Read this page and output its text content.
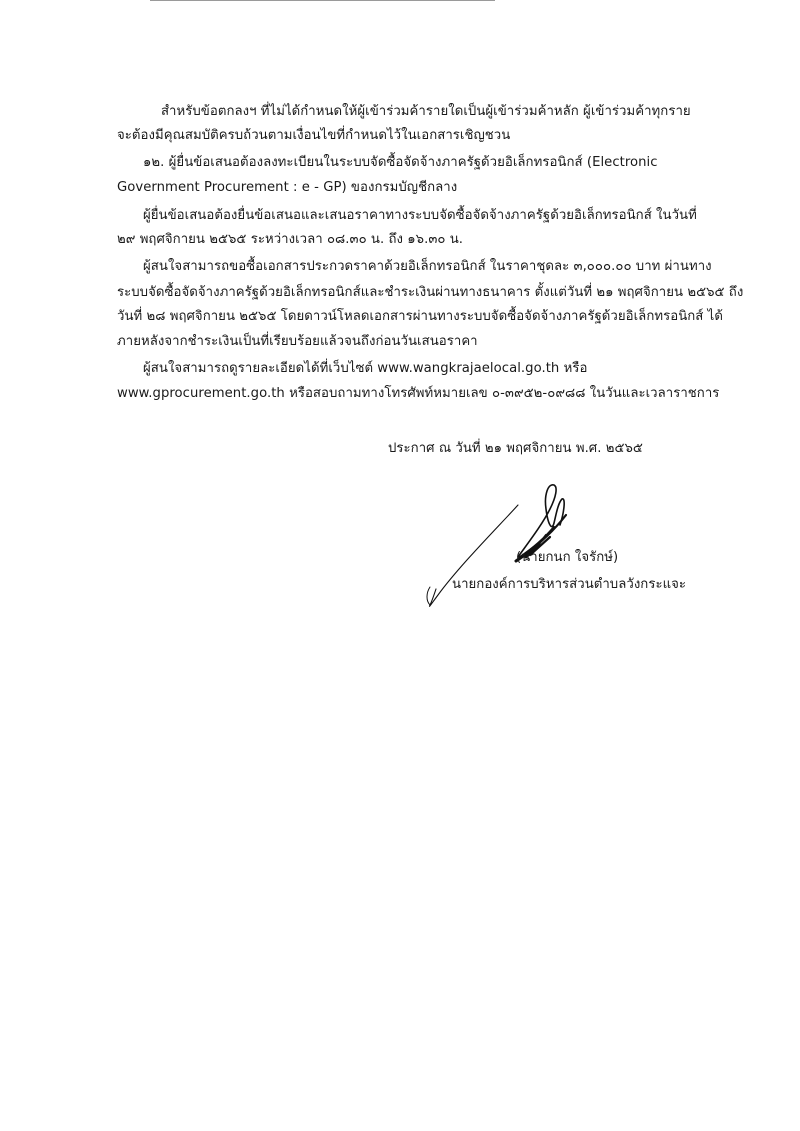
สำหรับข้อตกลงฯ ที่ไม่ได้กำหนดให้ผู้เข้าร่วมค้ารายใดเป็นผู้เข้าร่วมค้าหลัก ผู้เข้าร่วมค้าทุกราย
จะต้องมีคุณสมบัติครบถ้วนตามเงื่อนไขที่กำหนดไว้ในเอกสารเชิญชวน
๑๒. ผู้ยื่นข้อเสนอต้องลงทะเบียนในระบบจัดซื้อจัดจ้างภาครัฐด้วยอิเล็กทรอนิกส์ (Electronic
Government Procurement : e - GP) ของกรมบัญชีกลาง
ผู้ยื่นข้อเสนอต้องยื่นข้อเสนอและเสนอราคาทางระบบจัดซื้อจัดจ้างภาครัฐด้วยอิเล็กทรอนิกส์ ในวันที่
๒๙ พฤศจิกายน ๒๕๖๕ ระหว่างเวลา ๐๘.๓๐ น. ถึง ๑๖.๓๐ น.
ผู้สนใจสามารถขอซื้อเอกสารประกวดราคาด้วยอิเล็กทรอนิกส์ ในราคาชุดละ ๓,๐๐๐.๐๐ บาท ผ่านทาง
ระบบจัดซื้อจัดจ้างภาครัฐด้วยอิเล็กทรอนิกส์และชำระเงินผ่านทางธนาคาร ตั้งแต่วันที่ ๒๑ พฤศจิกายน ๒๕๖๕ ถึง
วันที่ ๒๘ พฤศจิกายน ๒๕๖๕ โดยดาวน์โหลดเอกสารผ่านทางระบบจัดซื้อจัดจ้างภาครัฐด้วยอิเล็กทรอนิกส์ ได้
ภายหลังจากชำระเงินเป็นที่เรียบร้อยแล้วจนถึงก่อนวันเสนอราคา
ผู้สนใจสามารถดูรายละเอียดได้ที่เว็บไซต์ www.wangkrajaelocal.go.th หรือ
www.gprocurement.go.th หรือสอบถามทางโทรศัพท์หมายเลข ๐-๓๙๕๒-๐๙๘๘ ในวันและเวลาราชการ
ประกาศ ณ วันที่ ๒๑ พฤศจิกายน พ.ศ. ๒๕๖๕
(นายกนก ใจรักษ์)
นายกองค์การบริหารส่วนตำบลวังกระแจะ
